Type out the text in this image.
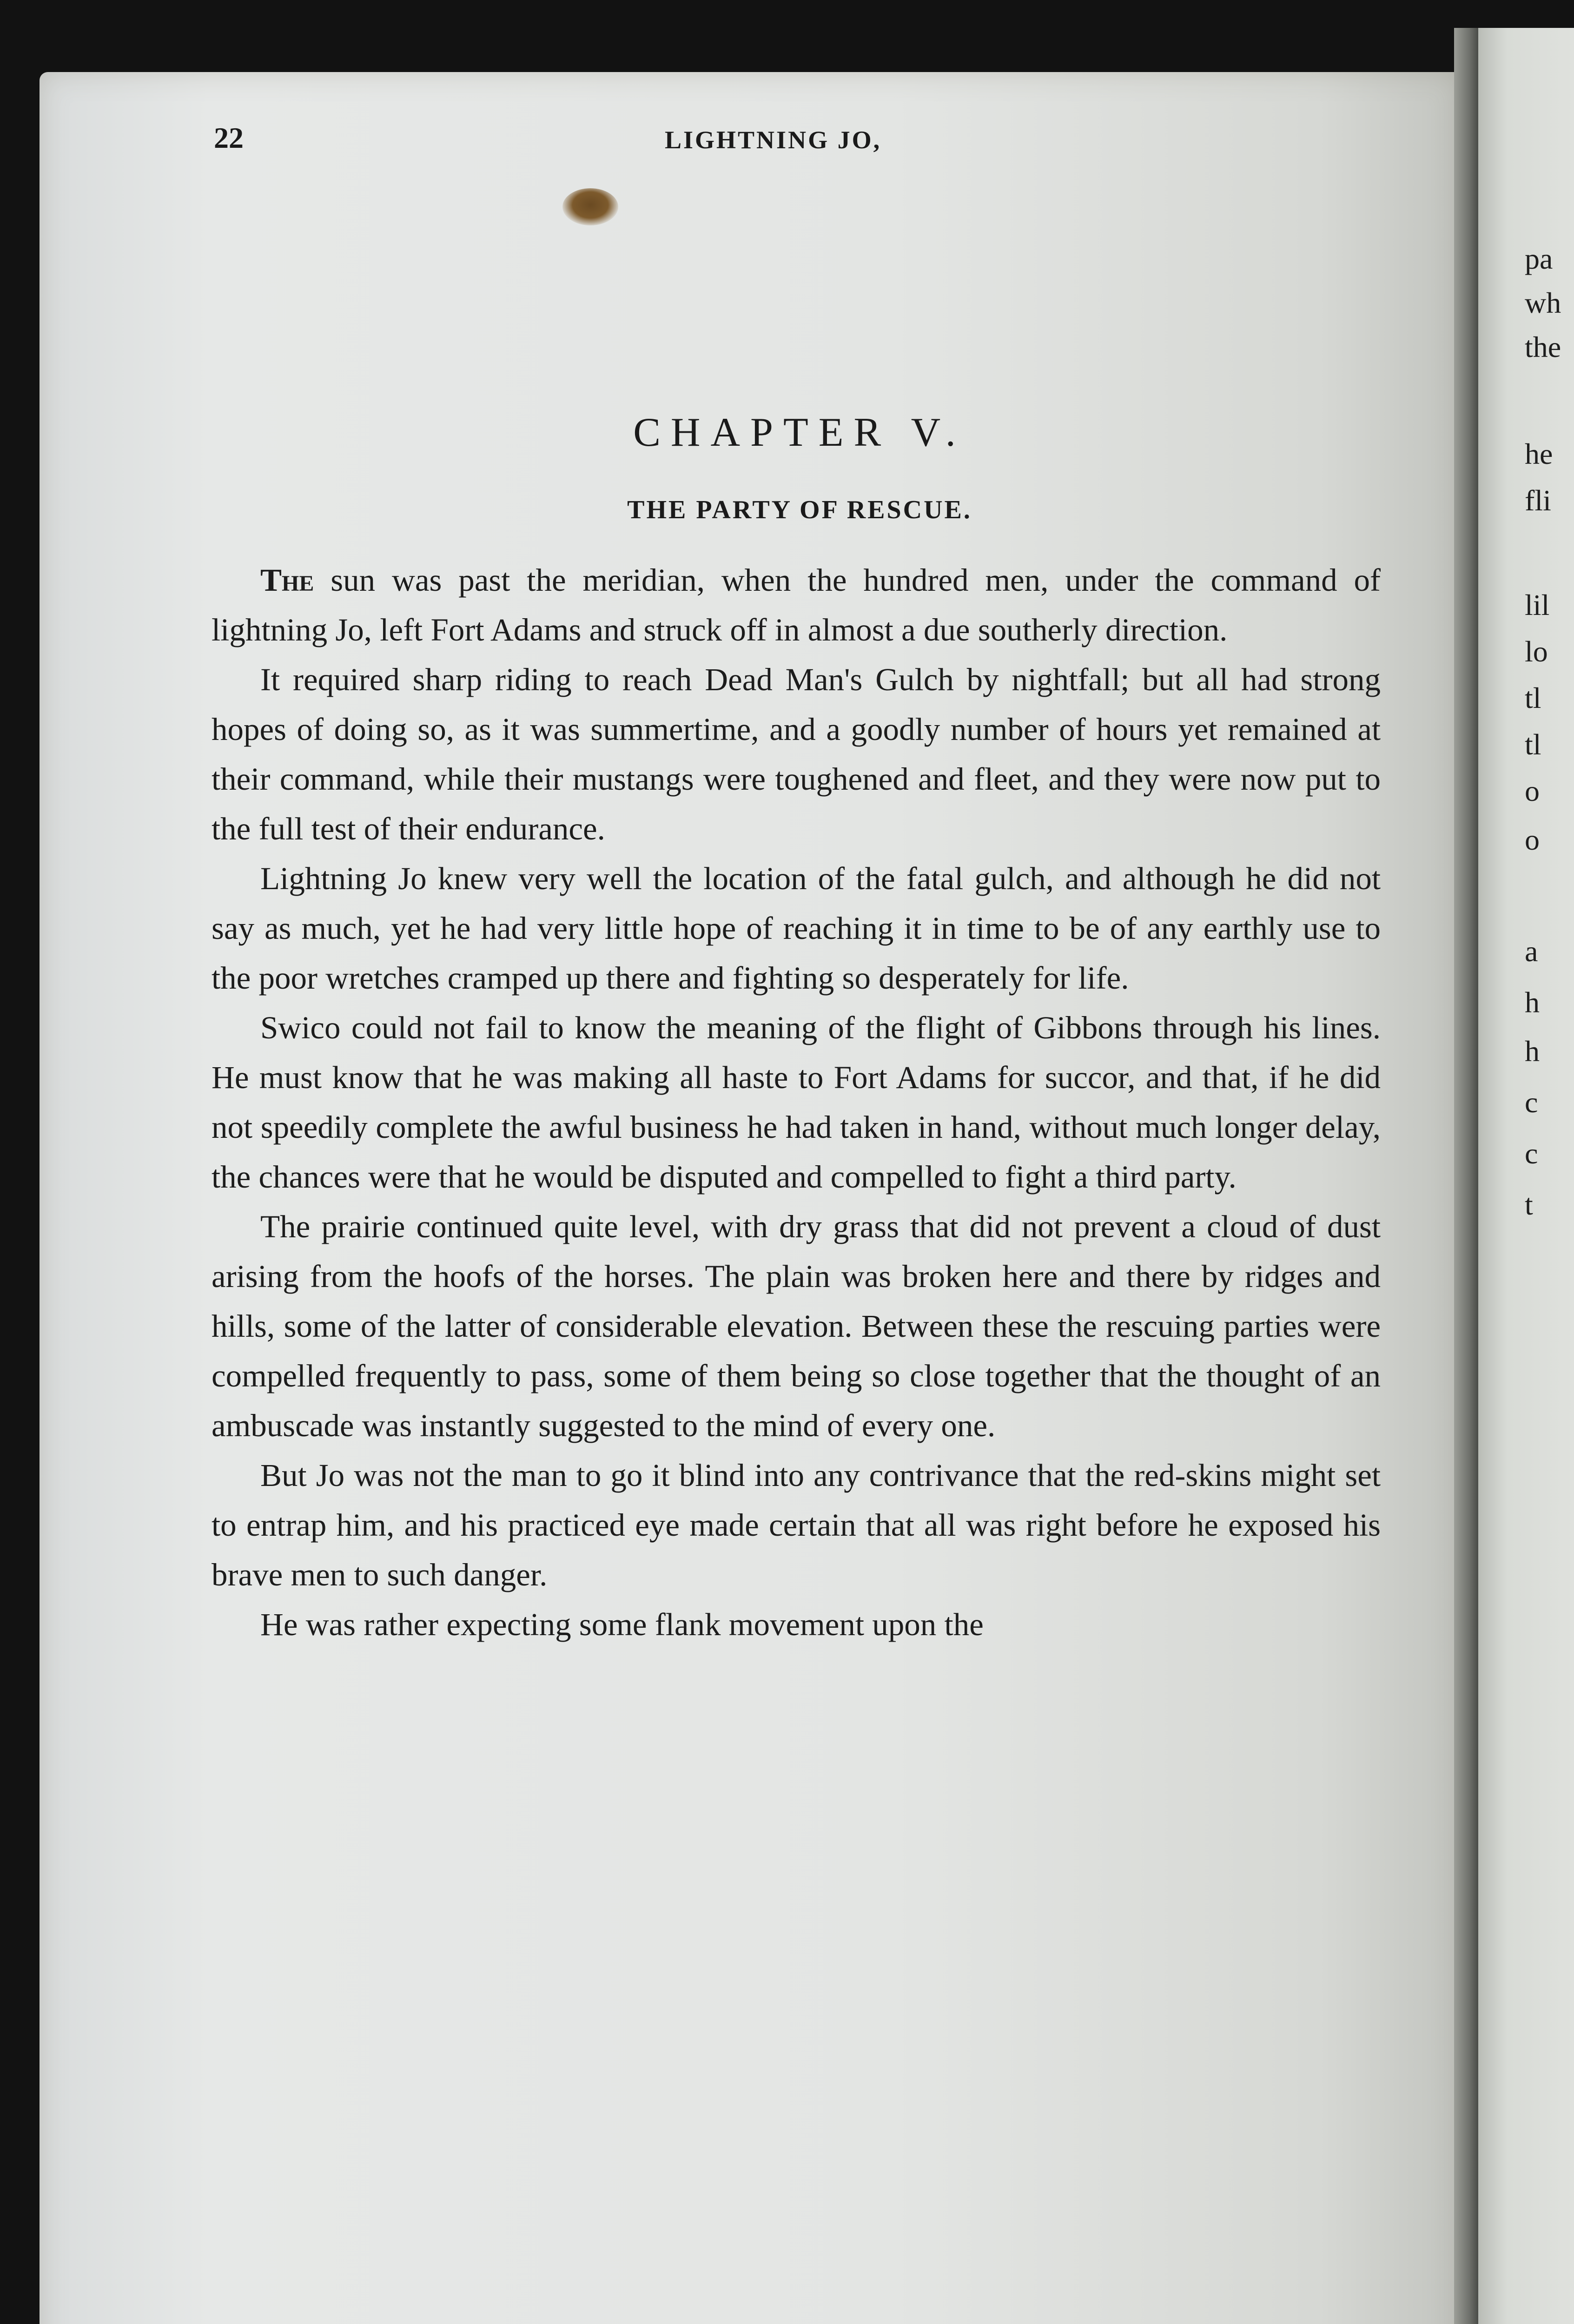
pa
wh
the
he
fli
lil
lo
tl
tl
o
o
a
h
h
c
c
t
22	LIGHTNING JO,
CHAPTER V.
THE PARTY OF RESCUE.

The sun was past the meridian, when the hundred men, under the command of lightning Jo, left Fort Adams and struck off in almost a due southerly direction.

It required sharp riding to reach Dead Man's Gulch by nightfall; but all had strong hopes of doing so, as it was summertime, and a goodly number of hours yet remained at their command, while their mustangs were toughened and fleet, and they were now put to the full test of their endurance.

Lightning Jo knew very well the location of the fatal gulch, and although he did not say as much, yet he had very little hope of reaching it in time to be of any earthly use to the poor wretches cramped up there and fighting so desperately for life.

Swico could not fail to know the meaning of the flight of Gibbons through his lines. He must know that he was making all haste to Fort Adams for succor, and that, if he did not speedily complete the awful business he had taken in hand, without much longer delay, the chances were that he would be disputed and compelled to fight a third party.

The prairie continued quite level, with dry grass that did not prevent a cloud of dust arising from the hoofs of the horses. The plain was broken here and there by ridges and hills, some of the latter of considerable elevation. Between these the rescuing parties were compelled frequently to pass, some of them being so close together that the thought of an ambuscade was instantly suggested to the mind of every one.

But Jo was not the man to go it blind into any contrivance that the red-skins might set to entrap him, and his practiced eye made certain that all was right before he exposed his brave men to such danger.

He was rather expecting some flank movement upon the
